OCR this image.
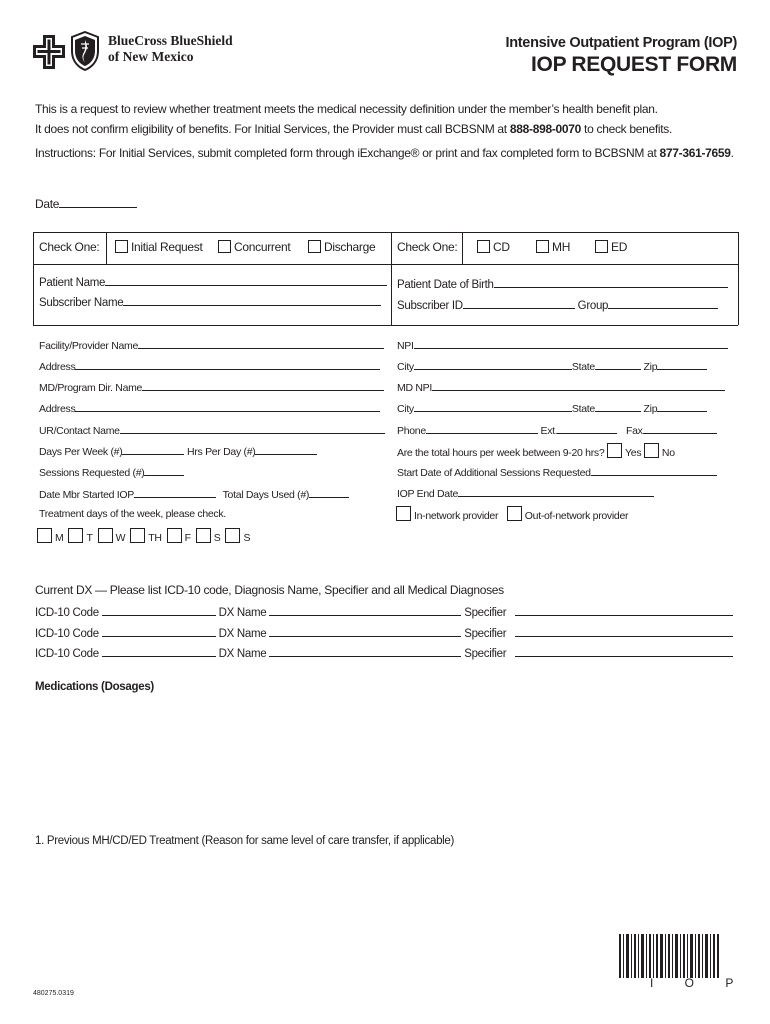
BlueCross BlueShield
of New Mexico
Intensive Outpatient Program (IOP)
IOP REQUEST FORM
This is a request to review whether treatment meets the medical necessity definition under the member’s health benefit plan.
It does not confirm eligibility of benefits. For Initial Services, the Provider must call BCBSNM at 888-898-0070 to check benefits.
Instructions: For Initial Services, submit completed form through iExchange® or print and fax completed form to BCBSNM at 877-361-7659.
Date
Check One:	Initial Request	Concurrent	Discharge Check One:	CD	MH	ED
Patient Name
Subscriber Name
Patient Date of Birth
Subscriber ID	Group
Facility/Provider Name
Address
MD/Program Dir. Name
Address
UR/Contact Name
Days Per Week (#)	Hrs Per Day (#)
Sessions Requested (#)
Date Mbr Started IOP	Total Days Used (#)
Treatment days of the week, please check.
M	T	W	TH	F	S	S
NPI
City	State	Zip
MD NPI
City	State	Zip
Phone	Ext.	Fax
Are the total hours per week between 9-20 hrs? Yes No
Start Date of Additional Sessions Requested
IOP End Date
In-network provider	Out-of-network provider
Current DX — Please list ICD-10 code, Diagnosis Name, Specifier and all Medical Diagnoses
ICD-10 Code	DX Name	Specifier
ICD-10 Code	DX Name	Specifier
ICD-10 Code	DX Name	Specifier
Medications (Dosages)
1. Previous MH/CD/ED Treatment (Reason for same level of care transfer, if applicable)
I O P
480275.0319
